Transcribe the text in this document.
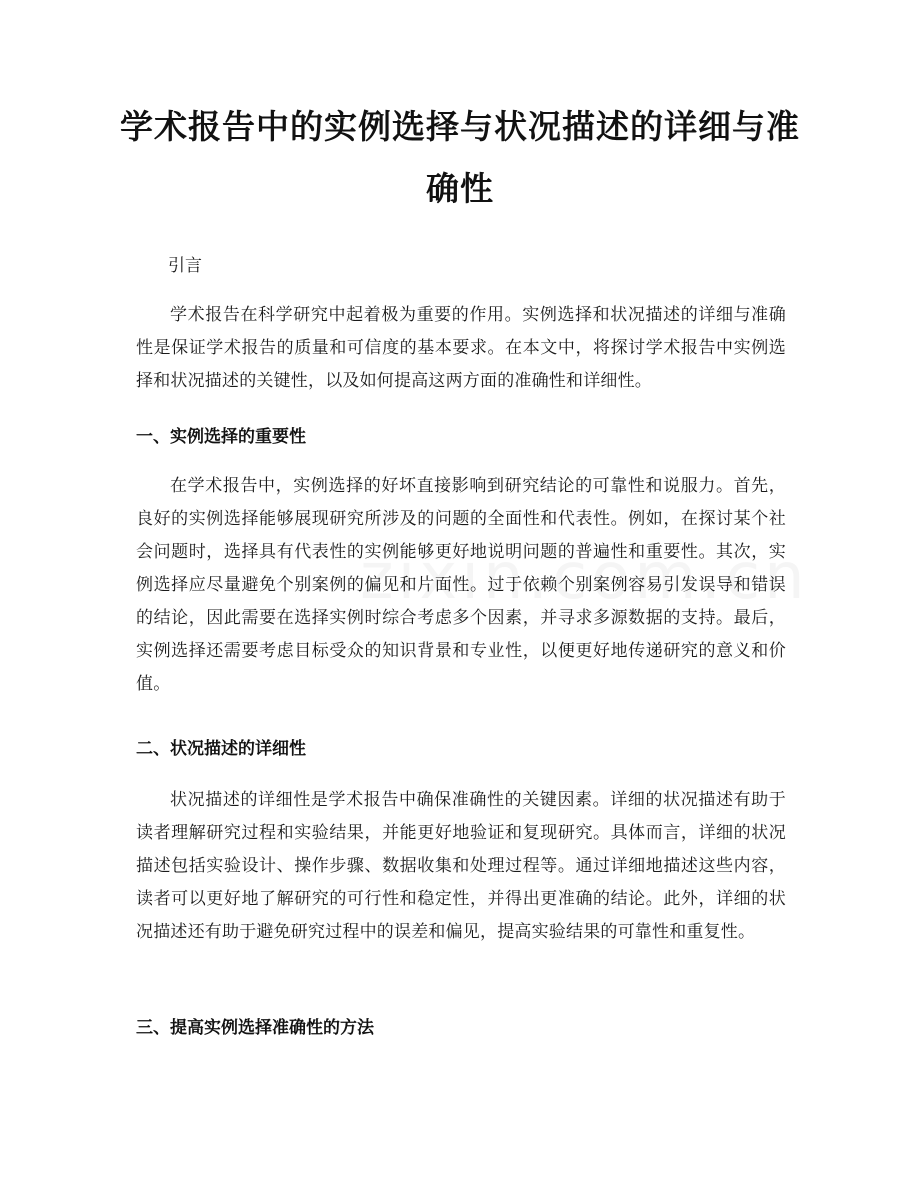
学术报告中的实例选择与状况描述的详细与准确性

引言

学术报告在科学研究中起着极为重要的作用。实例选择和状况描述的详细与准确性是保证学术报告的质量和可信度的基本要求。在本文中，将探讨学术报告中实例选择和状况描述的关键性，以及如何提高这两方面的准确性和详细性。

一、实例选择的重要性

在学术报告中，实例选择的好坏直接影响到研究结论的可靠性和说服力。首先，良好的实例选择能够展现研究所涉及的问题的全面性和代表性。例如，在探讨某个社会问题时，选择具有代表性的实例能够更好地说明问题的普遍性和重要性。其次，实例选择应尽量避免个别案例的偏见和片面性。过于依赖个别案例容易引发误导和错误的结论，因此需要在选择实例时综合考虑多个因素，并寻求多源数据的支持。最后，实例选择还需要考虑目标受众的知识背景和专业性，以便更好地传递研究的意义和价值。

二、状况描述的详细性

状况描述的详细性是学术报告中确保准确性的关键因素。详细的状况描述有助于读者理解研究过程和实验结果，并能更好地验证和复现研究。具体而言，详细的状况描述包括实验设计、操作步骤、数据收集和处理过程等。通过详细地描述这些内容，读者可以更好地了解研究的可行性和稳定性，并得出更准确的结论。此外，详细的状况描述还有助于避免研究过程中的误差和偏见，提高实验结果的可靠性和重复性。

三、提高实例选择准确性的方法
